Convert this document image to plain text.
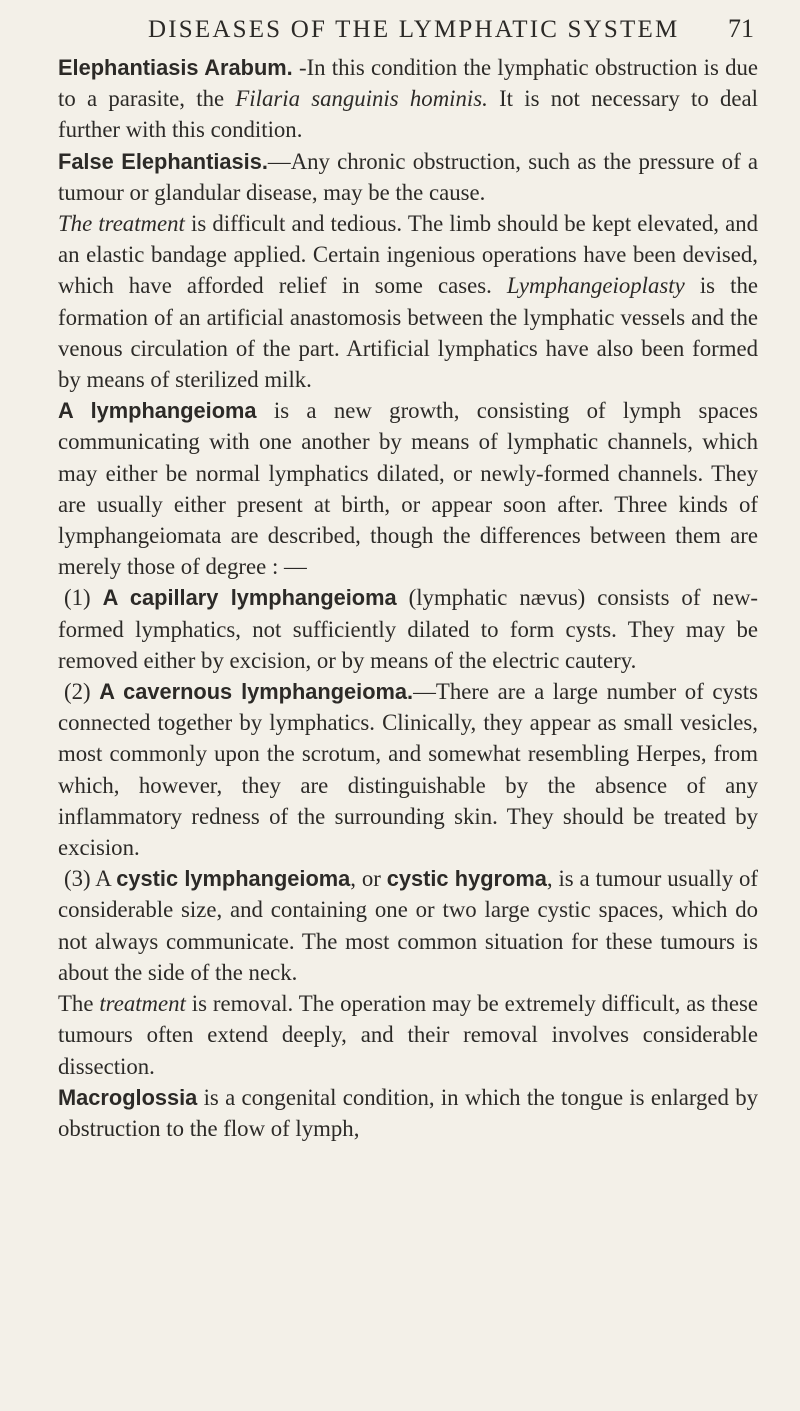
DISEASES OF THE LYMPHATIC SYSTEM 71

Elephantiasis Arabum. -In this condition the lymphatic obstruction is due to a parasite, the Filaria sanguinis hominis. It is not necessary to deal further with this condition.

False Elephantiasis.—Any chronic obstruction, such as the pressure of a tumour or glandular disease, may be the cause.

The treatment is difficult and tedious. The limb should be kept elevated, and an elastic bandage applied. Certain ingenious operations have been devised, which have afforded relief in some cases. Lymphangeioplasty is the formation of an artificial anastomosis between the lymphatic vessels and the venous circulation of the part. Artificial lymphatics have also been formed by means of sterilized milk.

A lymphangeioma is a new growth, consisting of lymph spaces communicating with one another by means of lymphatic channels, which may either be normal lymphatics dilated, or newly-formed channels. They are usually either present at birth, or appear soon after. Three kinds of lymphangeiomata are described, though the differences between them are merely those of degree : —

(1) A capillary lymphangeioma (lymphatic nævus) consists of new-formed lymphatics, not sufficiently dilated to form cysts. They may be removed either by excision, or by means of the electric cautery.

(2) A cavernous lymphangeioma.—There are a large number of cysts connected together by lymphatics. Clinically, they appear as small vesicles, most commonly upon the scrotum, and somewhat resembling Herpes, from which, however, they are distinguishable by the absence of any inflammatory redness of the surrounding skin. They should be treated by excision.

(3) A cystic lymphangeioma, or cystic hygroma, is a tumour usually of considerable size, and containing one or two large cystic spaces, which do not always communicate. The most common situation for these tumours is about the side of the neck.

The treatment is removal. The operation may be extremely difficult, as these tumours often extend deeply, and their removal involves considerable dissection.

Macroglossia is a congenital condition, in which the tongue is enlarged by obstruction to the flow of lymph,
